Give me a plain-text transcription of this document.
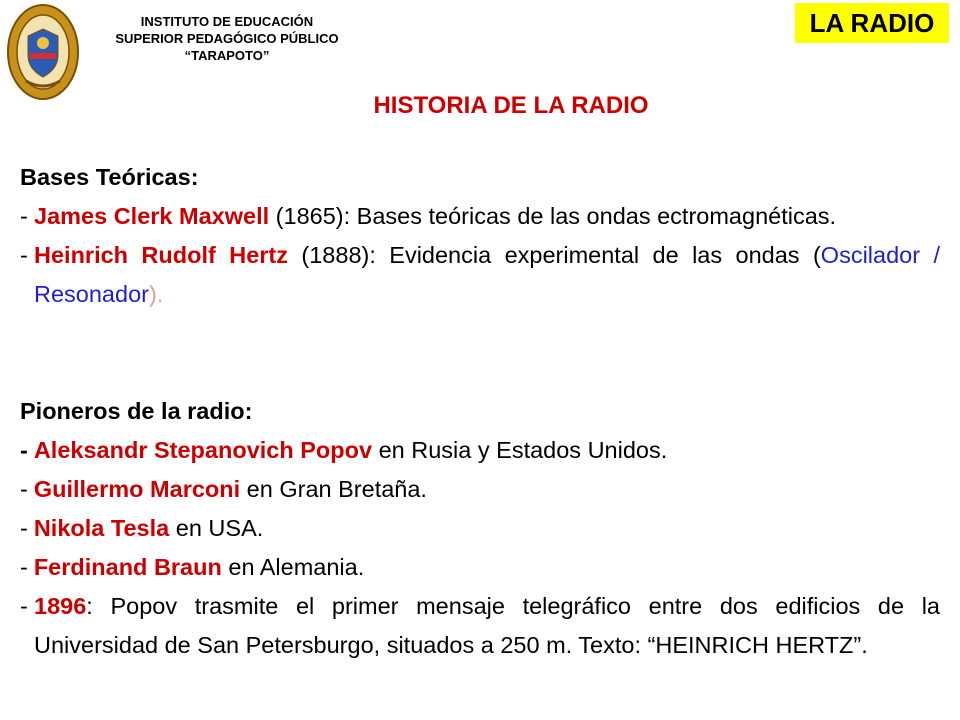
INSTITUTO DE EDUCACIÓN
SUPERIOR PEDAGÓGICO PÚBLICO
“TARAPOTO”
LA RADIO
HISTORIA DE LA RADIO
Bases Teóricas:
- James Clerk Maxwell (1865): Bases teóricas de las ondas ectromagnéticas.
- Heinrich Rudolf Hertz (1888): Evidencia experimental de las ondas (Oscilador / Resonador).
Pioneros de la radio:
- Aleksandr Stepanovich Popov en Rusia y Estados Unidos.
- Guillermo Marconi en Gran Bretaña.
- Nikola Tesla en USA.
- Ferdinand Braun en Alemania.
- 1896: Popov trasmite el primer mensaje telegráfico entre dos edificios de la Universidad de San Petersburgo, situados a 250 m. Texto: “HEINRICH HERTZ”.
